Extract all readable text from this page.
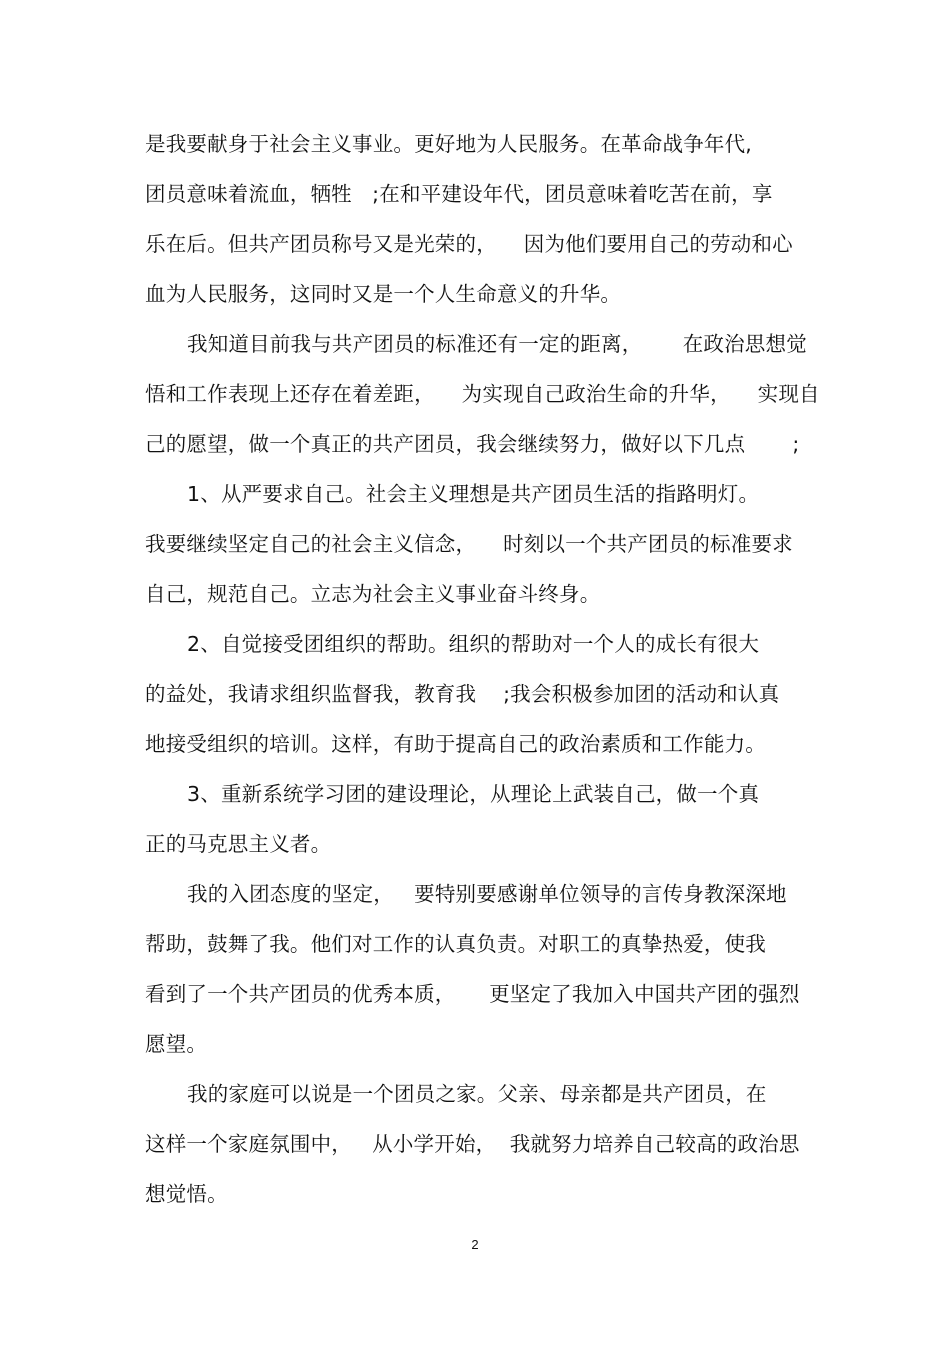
是我要献身于社会主义事业。更好地为人民服务。在革命战争年代,
团员意味着流血，牺牲   ;在和平建设年代，团员意味着吃苦在前，享
乐在后。但共产团员称号又是光荣的，    因为他们要用自己的劳动和心
血为人民服务，这同时又是一个人生命意义的升华。
我知道目前我与共产团员的标准还有一定的距离，      在政治思想觉
悟和工作表现上还存在着差距，    为实现自己政治生命的升华，    实现自
己的愿望，做一个真正的共产团员，我会继续努力，做好以下几点       ;
1、从严要求自己。社会主义理想是共产团员生活的指路明灯。
我要继续坚定自己的社会主义信念，    时刻以一个共产团员的标准要求
自己，规范自己。立志为社会主义事业奋斗终身。
2、自觉接受团组织的帮助。组织的帮助对一个人的成长有很大
的益处，我请求组织监督我，教育我    ;我会积极参加团的活动和认真
地接受组织的培训。这样，有助于提高自己的政治素质和工作能力。
3、重新系统学习团的建设理论，从理论上武装自己，做一个真
正的马克思主义者。
我的入团态度的坚定，   要特别要感谢单位领导的言传身教深深地
帮助，鼓舞了我。他们对工作的认真负责。对职工的真挚热爱，使我
看到了一个共产团员的优秀本质，     更坚定了我加入中国共产团的强烈
愿望。
我的家庭可以说是一个团员之家。父亲、母亲都是共产团员，在
这样一个家庭氛围中，   从小学开始，  我就努力培养自己较高的政治思
想觉悟。
2
